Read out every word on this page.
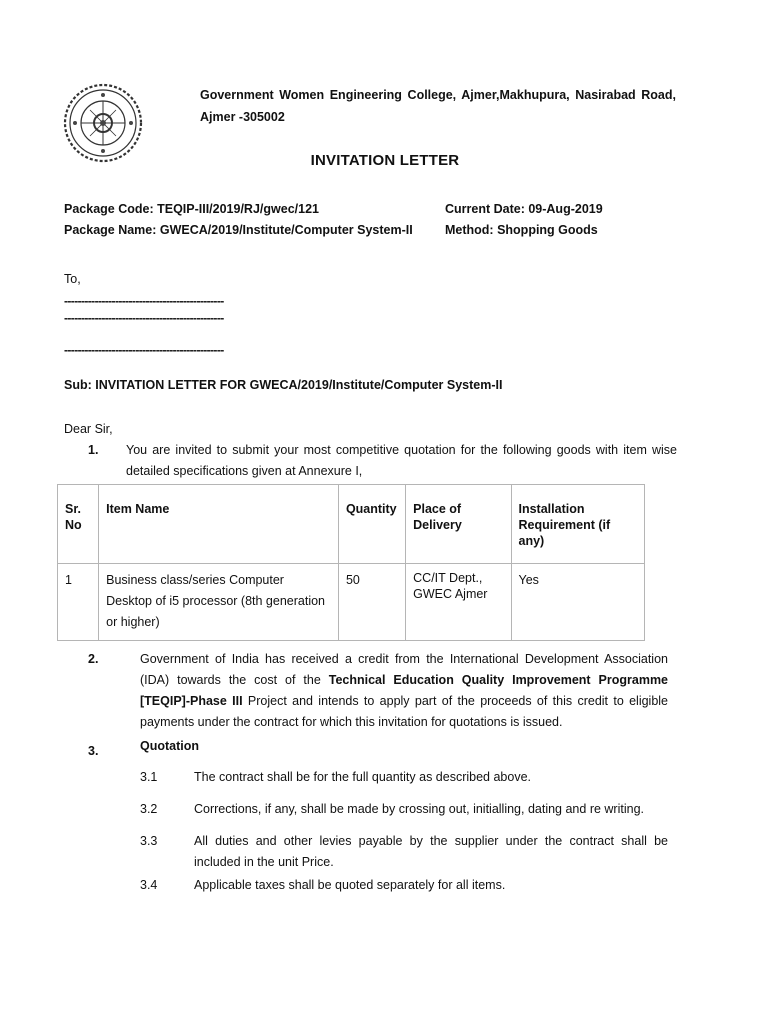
Government Women Engineering College, Ajmer,Makhupura, Nasirabad Road, Ajmer -305002
INVITATION LETTER
Package Code: TEQIP-III/2019/RJ/gwec/121	Current Date: 09-Aug-2019
Package Name: GWECA/2019/Institute/Computer System-II	Method: Shopping Goods
To,
-----------------------------------------------
-----------------------------------------------
-----------------------------------------------
Sub: INVITATION LETTER FOR GWECA/2019/Institute/Computer System-II
Dear Sir,
1. You are invited to submit your most competitive quotation for the following goods with item wise detailed specifications given at Annexure I,
Sr. No	Item Name	Quantity	Place of Delivery	Installation Requirement (if any)
1	Business class/series Computer Desktop of i5 processor (8th generation or higher)	50	CC/IT Dept., GWEC Ajmer	Yes
2.	Government of India has received a credit from the International Development Association (IDA) towards the cost of the Technical Education Quality Improvement Programme [TEQIP]-Phase III Project and intends to apply part of the proceeds of this credit to eligible payments under the contract for which this invitation for quotations is issued.
3.	Quotation
3.1	The contract shall be for the full quantity as described above.
3.2	Corrections, if any, shall be made by crossing out, initialling, dating and re writing.
3.3	All duties and other levies payable by the supplier under the contract shall be included in the unit Price.
3.4	Applicable taxes shall be quoted separately for all items.
